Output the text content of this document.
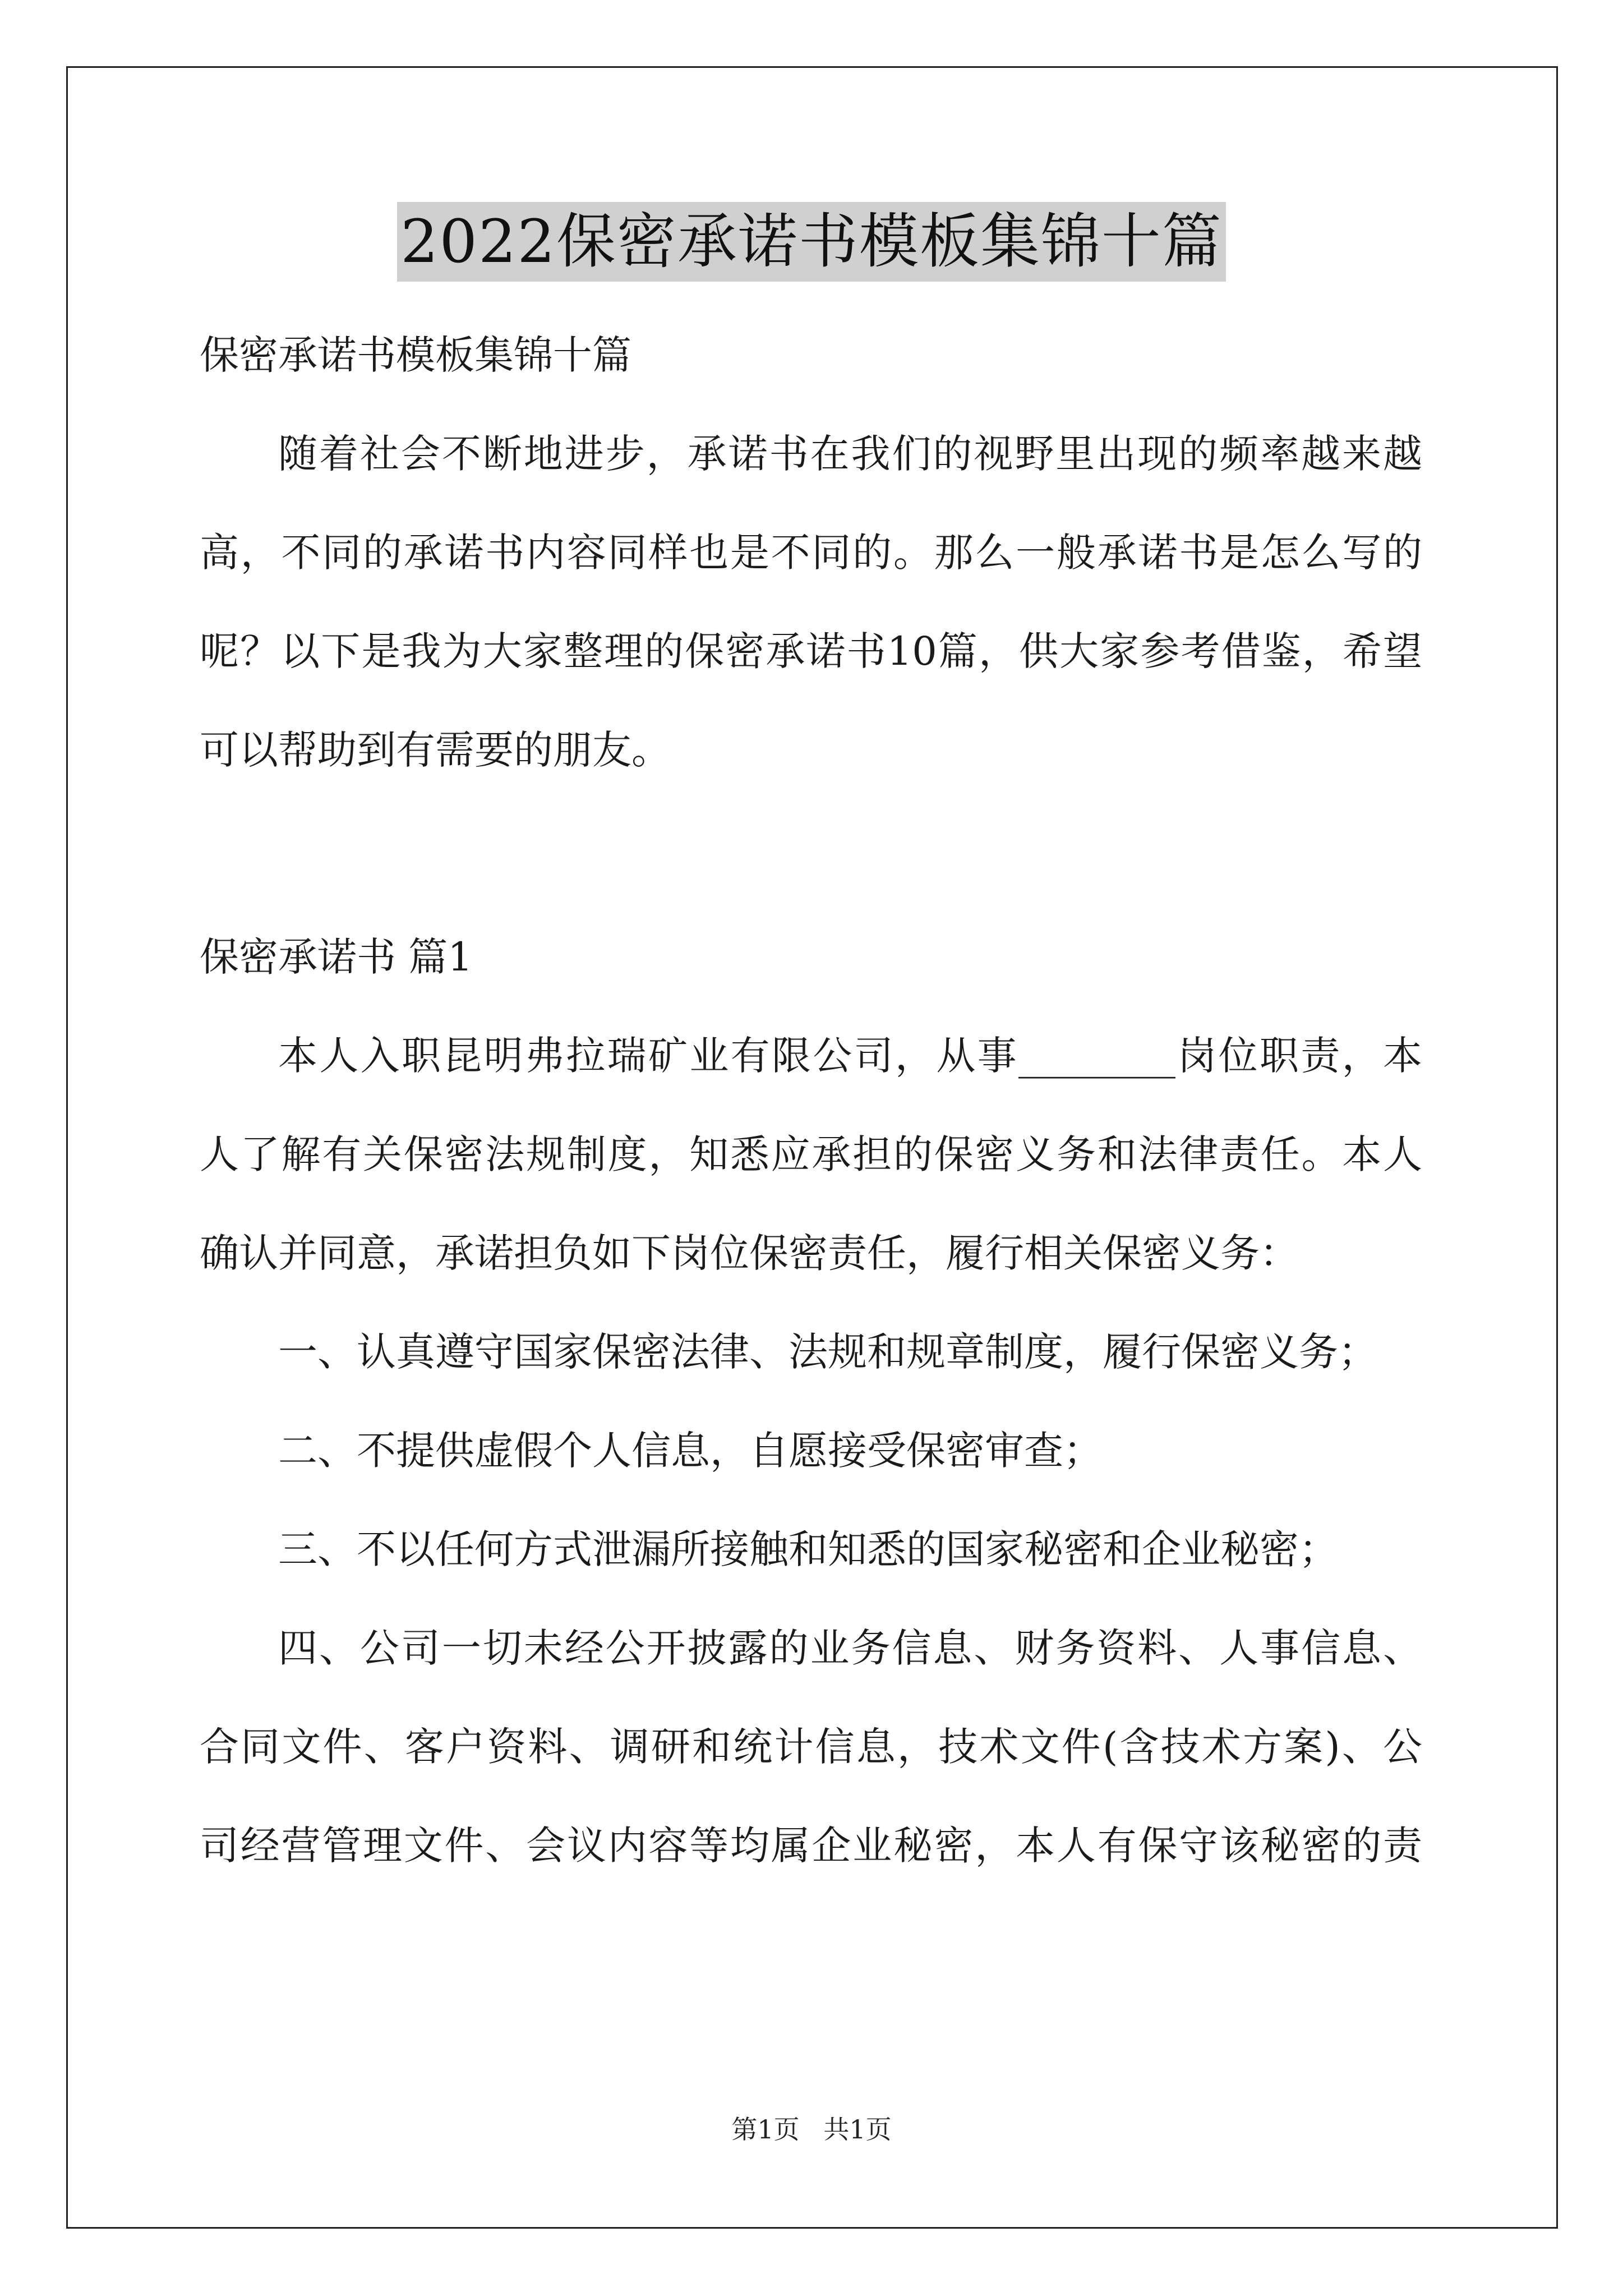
2022保密承诺书模板集锦十篇
保密承诺书模板集锦十篇
随着社会不断地进步，承诺书在我们的视野里出现的频率越来越
高，不同的承诺书内容同样也是不同的。那么一般承诺书是怎么写的
呢？以下是我为大家整理的保密承诺书10篇，供大家参考借鉴，希望
可以帮助到有需要的朋友。
保密承诺书 篇1
本人入职昆明弗拉瑞矿业有限公司，从事________岗位职责，本
人了解有关保密法规制度，知悉应承担的保密义务和法律责任。本人
确认并同意，承诺担负如下岗位保密责任，履行相关保密义务：
一、认真遵守国家保密法律、法规和规章制度，履行保密义务；
二、不提供虚假个人信息，自愿接受保密审查；
三、不以任何方式泄漏所接触和知悉的国家秘密和企业秘密；
四、公司一切未经公开披露的业务信息、财务资料、人事信息、
合同文件、客户资料、调研和统计信息，技术文件(含技术方案)、公
司经营管理文件、会议内容等均属企业秘密，本人有保守该秘密的责
第1页 共1页
